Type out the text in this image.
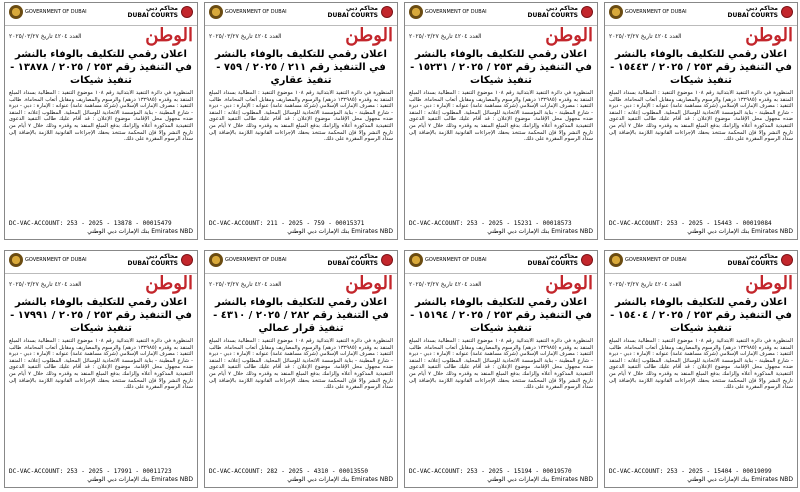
محاكم دبي
DUBAI COURTS
GOVERNMENT OF DUBAI
الوطن
العدد ٤٢٠٤ تاريخ ٢٠٢٥/٠٣/٢٧
اعلان رقمي للتكليف بالوفاء بالنشر في التنفيذ رقم ٢٥٣ / ٢٠٢٥ / ١٥٤٤٣ - تنفيذ شيكات
المنظورة في دائرة التنفيذ الابتدائية رقم ١٠٨ موضوع التنفيذ : المطالبة بسداد المبلغ المنفذ به وقدره (١٣٢٩٨٥ درهم) والرسوم والمصاريف ومقابل أتعاب المحاماة. طالب التنفيذ : مصرف الإمارات الإسلامي (شركة مساهمة عامة) عنوانه : الإمارة : دبي - ديرة - شارع المطينة - بناية المؤسسة الاتحادية للوسائل المحلية. المطلوب إعلانه : المنفذ ضده مجهول محل الإقامة. موضوع الإعلان : قد أقام عليك طالب التنفيذ الدعوى التنفيذية المذكورة أعلاه وإلزامك بدفع المبلغ المنفذ به وقدره وذلك خلال ٧ أيام من تاريخ النشر وإلا فإن المحكمة ستتخذ بحقك الإجراءات القانونية اللازمة بالإضافة إلى سداد الرسوم المقررة على ذلك.
DC-VAC-ACCOUNT: 253 - 2025 - 15443 - 00019084
Emirates NBD بنك الإمارات دبي الوطني
محاكم دبي
DUBAI COURTS
GOVERNMENT OF DUBAI
الوطن
العدد ٤٢٠٤ تاريخ ٢٠٢٥/٠٣/٢٧
اعلان رقمي للتكليف بالوفاء بالنشر في التنفيذ رقم ٢٥٣ / ٢٠٢٥ / ١٥٢٣١ - تنفيذ شيكات
المنظورة في دائرة التنفيذ الابتدائية رقم ١٠٨ موضوع التنفيذ : المطالبة بسداد المبلغ المنفذ به وقدره (١٣٢٩٨٥ درهم) والرسوم والمصاريف ومقابل أتعاب المحاماة. طالب التنفيذ : مصرف الإمارات الإسلامي (شركة مساهمة عامة) عنوانه : الإمارة : دبي - ديرة - شارع المطينة - بناية المؤسسة الاتحادية للوسائل المحلية. المطلوب إعلانه : المنفذ ضده مجهول محل الإقامة. موضوع الإعلان : قد أقام عليك طالب التنفيذ الدعوى التنفيذية المذكورة أعلاه وإلزامك بدفع المبلغ المنفذ به وقدره وذلك خلال ٧ أيام من تاريخ النشر وإلا فإن المحكمة ستتخذ بحقك الإجراءات القانونية اللازمة بالإضافة إلى سداد الرسوم المقررة على ذلك.
DC-VAC-ACCOUNT: 253 - 2025 - 15231 - 00018573
Emirates NBD بنك الإمارات دبي الوطني
محاكم دبي
DUBAI COURTS
GOVERNMENT OF DUBAI
الوطن
العدد ٤٢٠٤ تاريخ ٢٠٢٥/٠٣/٢٧
اعلان رقمي للتكليف بالوفاء بالنشر في التنفيذ رقم ٢١١ / ٢٠٢٥ / ٧٥٩ - تنفيذ عقاري
المنظورة في دائرة التنفيذ الابتدائية رقم ١٠٨ موضوع التنفيذ : المطالبة بسداد المبلغ المنفذ به وقدره (١٣٢٩٨٥ درهم) والرسوم والمصاريف ومقابل أتعاب المحاماة. طالب التنفيذ : مصرف الإمارات الإسلامي (شركة مساهمة عامة) عنوانه : الإمارة : دبي - ديرة - شارع المطينة - بناية المؤسسة الاتحادية للوسائل المحلية. المطلوب إعلانه : المنفذ ضده مجهول محل الإقامة. موضوع الإعلان : قد أقام عليك طالب التنفيذ الدعوى التنفيذية المذكورة أعلاه وإلزامك بدفع المبلغ المنفذ به وقدره وذلك خلال ٧ أيام من تاريخ النشر وإلا فإن المحكمة ستتخذ بحقك الإجراءات القانونية اللازمة بالإضافة إلى سداد الرسوم المقررة على ذلك.
DC-VAC-ACCOUNT: 211 - 2025 - 759 - 00015371
Emirates NBD بنك الإمارات دبي الوطني
محاكم دبي
DUBAI COURTS
GOVERNMENT OF DUBAI
الوطن
العدد ٤٢٠٤ تاريخ ٢٠٢٥/٠٣/٢٧
اعلان رقمي للتكليف بالوفاء بالنشر في التنفيذ رقم ٢٥٣ / ٢٠٢٥ / ١٣٨٧٨ - تنفيذ شيكات
المنظورة في دائرة التنفيذ الابتدائية رقم ١٠٨ موضوع التنفيذ : المطالبة بسداد المبلغ المنفذ به وقدره (١٣٢٩٨٥ درهم) والرسوم والمصاريف ومقابل أتعاب المحاماة. طالب التنفيذ : مصرف الإمارات الإسلامي (شركة مساهمة عامة) عنوانه : الإمارة : دبي - ديرة - شارع المطينة - بناية المؤسسة الاتحادية للوسائل المحلية. المطلوب إعلانه : المنفذ ضده مجهول محل الإقامة. موضوع الإعلان : قد أقام عليك طالب التنفيذ الدعوى التنفيذية المذكورة أعلاه وإلزامك بدفع المبلغ المنفذ به وقدره وذلك خلال ٧ أيام من تاريخ النشر وإلا فإن المحكمة ستتخذ بحقك الإجراءات القانونية اللازمة بالإضافة إلى سداد الرسوم المقررة على ذلك.
DC-VAC-ACCOUNT: 253 - 2025 - 13878 - 00015479
Emirates NBD بنك الإمارات دبي الوطني
محاكم دبي
DUBAI COURTS
GOVERNMENT OF DUBAI
الوطن
العدد ٤٢٠٤ تاريخ ٢٠٢٥/٠٣/٢٧
اعلان رقمي للتكليف بالوفاء بالنشر في التنفيذ رقم ٢٥٣ / ٢٠٢٥ / ١٥٤٠٤ - تنفيذ شيكات
المنظورة في دائرة التنفيذ الابتدائية رقم ١٠٨ موضوع التنفيذ : المطالبة بسداد المبلغ المنفذ به وقدره (١٣٢٩٨٥ درهم) والرسوم والمصاريف ومقابل أتعاب المحاماة. طالب التنفيذ : مصرف الإمارات الإسلامي (شركة مساهمة عامة) عنوانه : الإمارة : دبي - ديرة - شارع المطينة - بناية المؤسسة الاتحادية للوسائل المحلية. المطلوب إعلانه : المنفذ ضده مجهول محل الإقامة. موضوع الإعلان : قد أقام عليك طالب التنفيذ الدعوى التنفيذية المذكورة أعلاه وإلزامك بدفع المبلغ المنفذ به وقدره وذلك خلال ٧ أيام من تاريخ النشر وإلا فإن المحكمة ستتخذ بحقك الإجراءات القانونية اللازمة بالإضافة إلى سداد الرسوم المقررة على ذلك.
DC-VAC-ACCOUNT: 253 - 2025 - 15404 - 00019099
Emirates NBD بنك الإمارات دبي الوطني
محاكم دبي
DUBAI COURTS
GOVERNMENT OF DUBAI
الوطن
العدد ٤٢٠٤ تاريخ ٢٠٢٥/٠٣/٢٧
اعلان رقمي للتكليف بالوفاء بالنشر في التنفيذ رقم ٢٥٣ / ٢٠٢٥ / ١٥١٩٤ - تنفيذ شيكات
المنظورة في دائرة التنفيذ الابتدائية رقم ١٠٨ موضوع التنفيذ : المطالبة بسداد المبلغ المنفذ به وقدره (١٣٢٩٨٥ درهم) والرسوم والمصاريف ومقابل أتعاب المحاماة. طالب التنفيذ : مصرف الإمارات الإسلامي (شركة مساهمة عامة) عنوانه : الإمارة : دبي - ديرة - شارع المطينة - بناية المؤسسة الاتحادية للوسائل المحلية. المطلوب إعلانه : المنفذ ضده مجهول محل الإقامة. موضوع الإعلان : قد أقام عليك طالب التنفيذ الدعوى التنفيذية المذكورة أعلاه وإلزامك بدفع المبلغ المنفذ به وقدره وذلك خلال ٧ أيام من تاريخ النشر وإلا فإن المحكمة ستتخذ بحقك الإجراءات القانونية اللازمة بالإضافة إلى سداد الرسوم المقررة على ذلك.
DC-VAC-ACCOUNT: 253 - 2025 - 15194 - 00019570
Emirates NBD بنك الإمارات دبي الوطني
محاكم دبي
DUBAI COURTS
GOVERNMENT OF DUBAI
الوطن
العدد ٤٢٠٤ تاريخ ٢٠٢٥/٠٣/٢٧
اعلان رقمي للتكليف بالوفاء بالنشر في التنفيذ رقم ٢٨٢ / ٢٠٢٥ / ٤٣١٠ - تنفيذ قرار عمالي
المنظورة في دائرة التنفيذ الابتدائية رقم ١٠٨ موضوع التنفيذ : المطالبة بسداد المبلغ المنفذ به وقدره (١٣٢٩٨٥ درهم) والرسوم والمصاريف ومقابل أتعاب المحاماة. طالب التنفيذ : مصرف الإمارات الإسلامي (شركة مساهمة عامة) عنوانه : الإمارة : دبي - ديرة - شارع المطينة - بناية المؤسسة الاتحادية للوسائل المحلية. المطلوب إعلانه : المنفذ ضده مجهول محل الإقامة. موضوع الإعلان : قد أقام عليك طالب التنفيذ الدعوى التنفيذية المذكورة أعلاه وإلزامك بدفع المبلغ المنفذ به وقدره وذلك خلال ٧ أيام من تاريخ النشر وإلا فإن المحكمة ستتخذ بحقك الإجراءات القانونية اللازمة بالإضافة إلى سداد الرسوم المقررة على ذلك.
DC-VAC-ACCOUNT: 282 - 2025 - 4310 - 00013550
Emirates NBD بنك الإمارات دبي الوطني
محاكم دبي
DUBAI COURTS
GOVERNMENT OF DUBAI
الوطن
العدد ٤٢٠٤ تاريخ ٢٠٢٥/٠٣/٢٧
اعلان رقمي للتكليف بالوفاء بالنشر في التنفيذ رقم ٢٥٣ / ٢٠٢٥ / ١٧٩٩١ - تنفيذ شيكات
المنظورة في دائرة التنفيذ الابتدائية رقم ١٠٨ موضوع التنفيذ : المطالبة بسداد المبلغ المنفذ به وقدره (١٣٢٩٨٥ درهم) والرسوم والمصاريف ومقابل أتعاب المحاماة. طالب التنفيذ : مصرف الإمارات الإسلامي (شركة مساهمة عامة) عنوانه : الإمارة : دبي - ديرة - شارع المطينة - بناية المؤسسة الاتحادية للوسائل المحلية. المطلوب إعلانه : المنفذ ضده مجهول محل الإقامة. موضوع الإعلان : قد أقام عليك طالب التنفيذ الدعوى التنفيذية المذكورة أعلاه وإلزامك بدفع المبلغ المنفذ به وقدره وذلك خلال ٧ أيام من تاريخ النشر وإلا فإن المحكمة ستتخذ بحقك الإجراءات القانونية اللازمة بالإضافة إلى سداد الرسوم المقررة على ذلك.
DC-VAC-ACCOUNT: 253 - 2025 - 17991 - 00011723
Emirates NBD بنك الإمارات دبي الوطني
